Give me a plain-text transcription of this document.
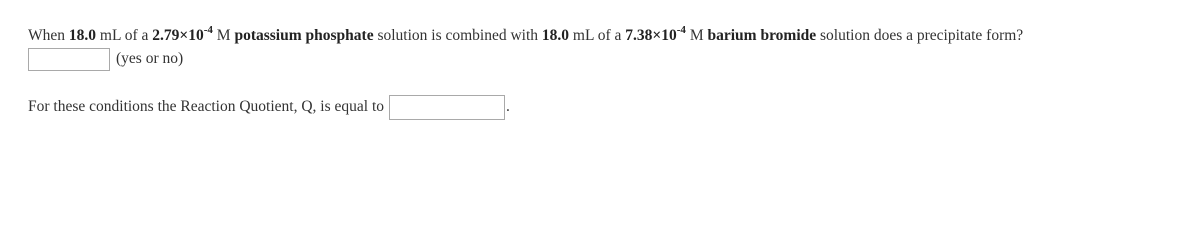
When 18.0 mL of a $2.79\times 10^{-4}$ M potassium phosphate solution is combined with 18.0 mL of a $7.38\times 10^{-4}$ M barium bromide solution does a precipitate form?
(yes or no)
For these conditions the Reaction Quotient, Q, is equal to	.
